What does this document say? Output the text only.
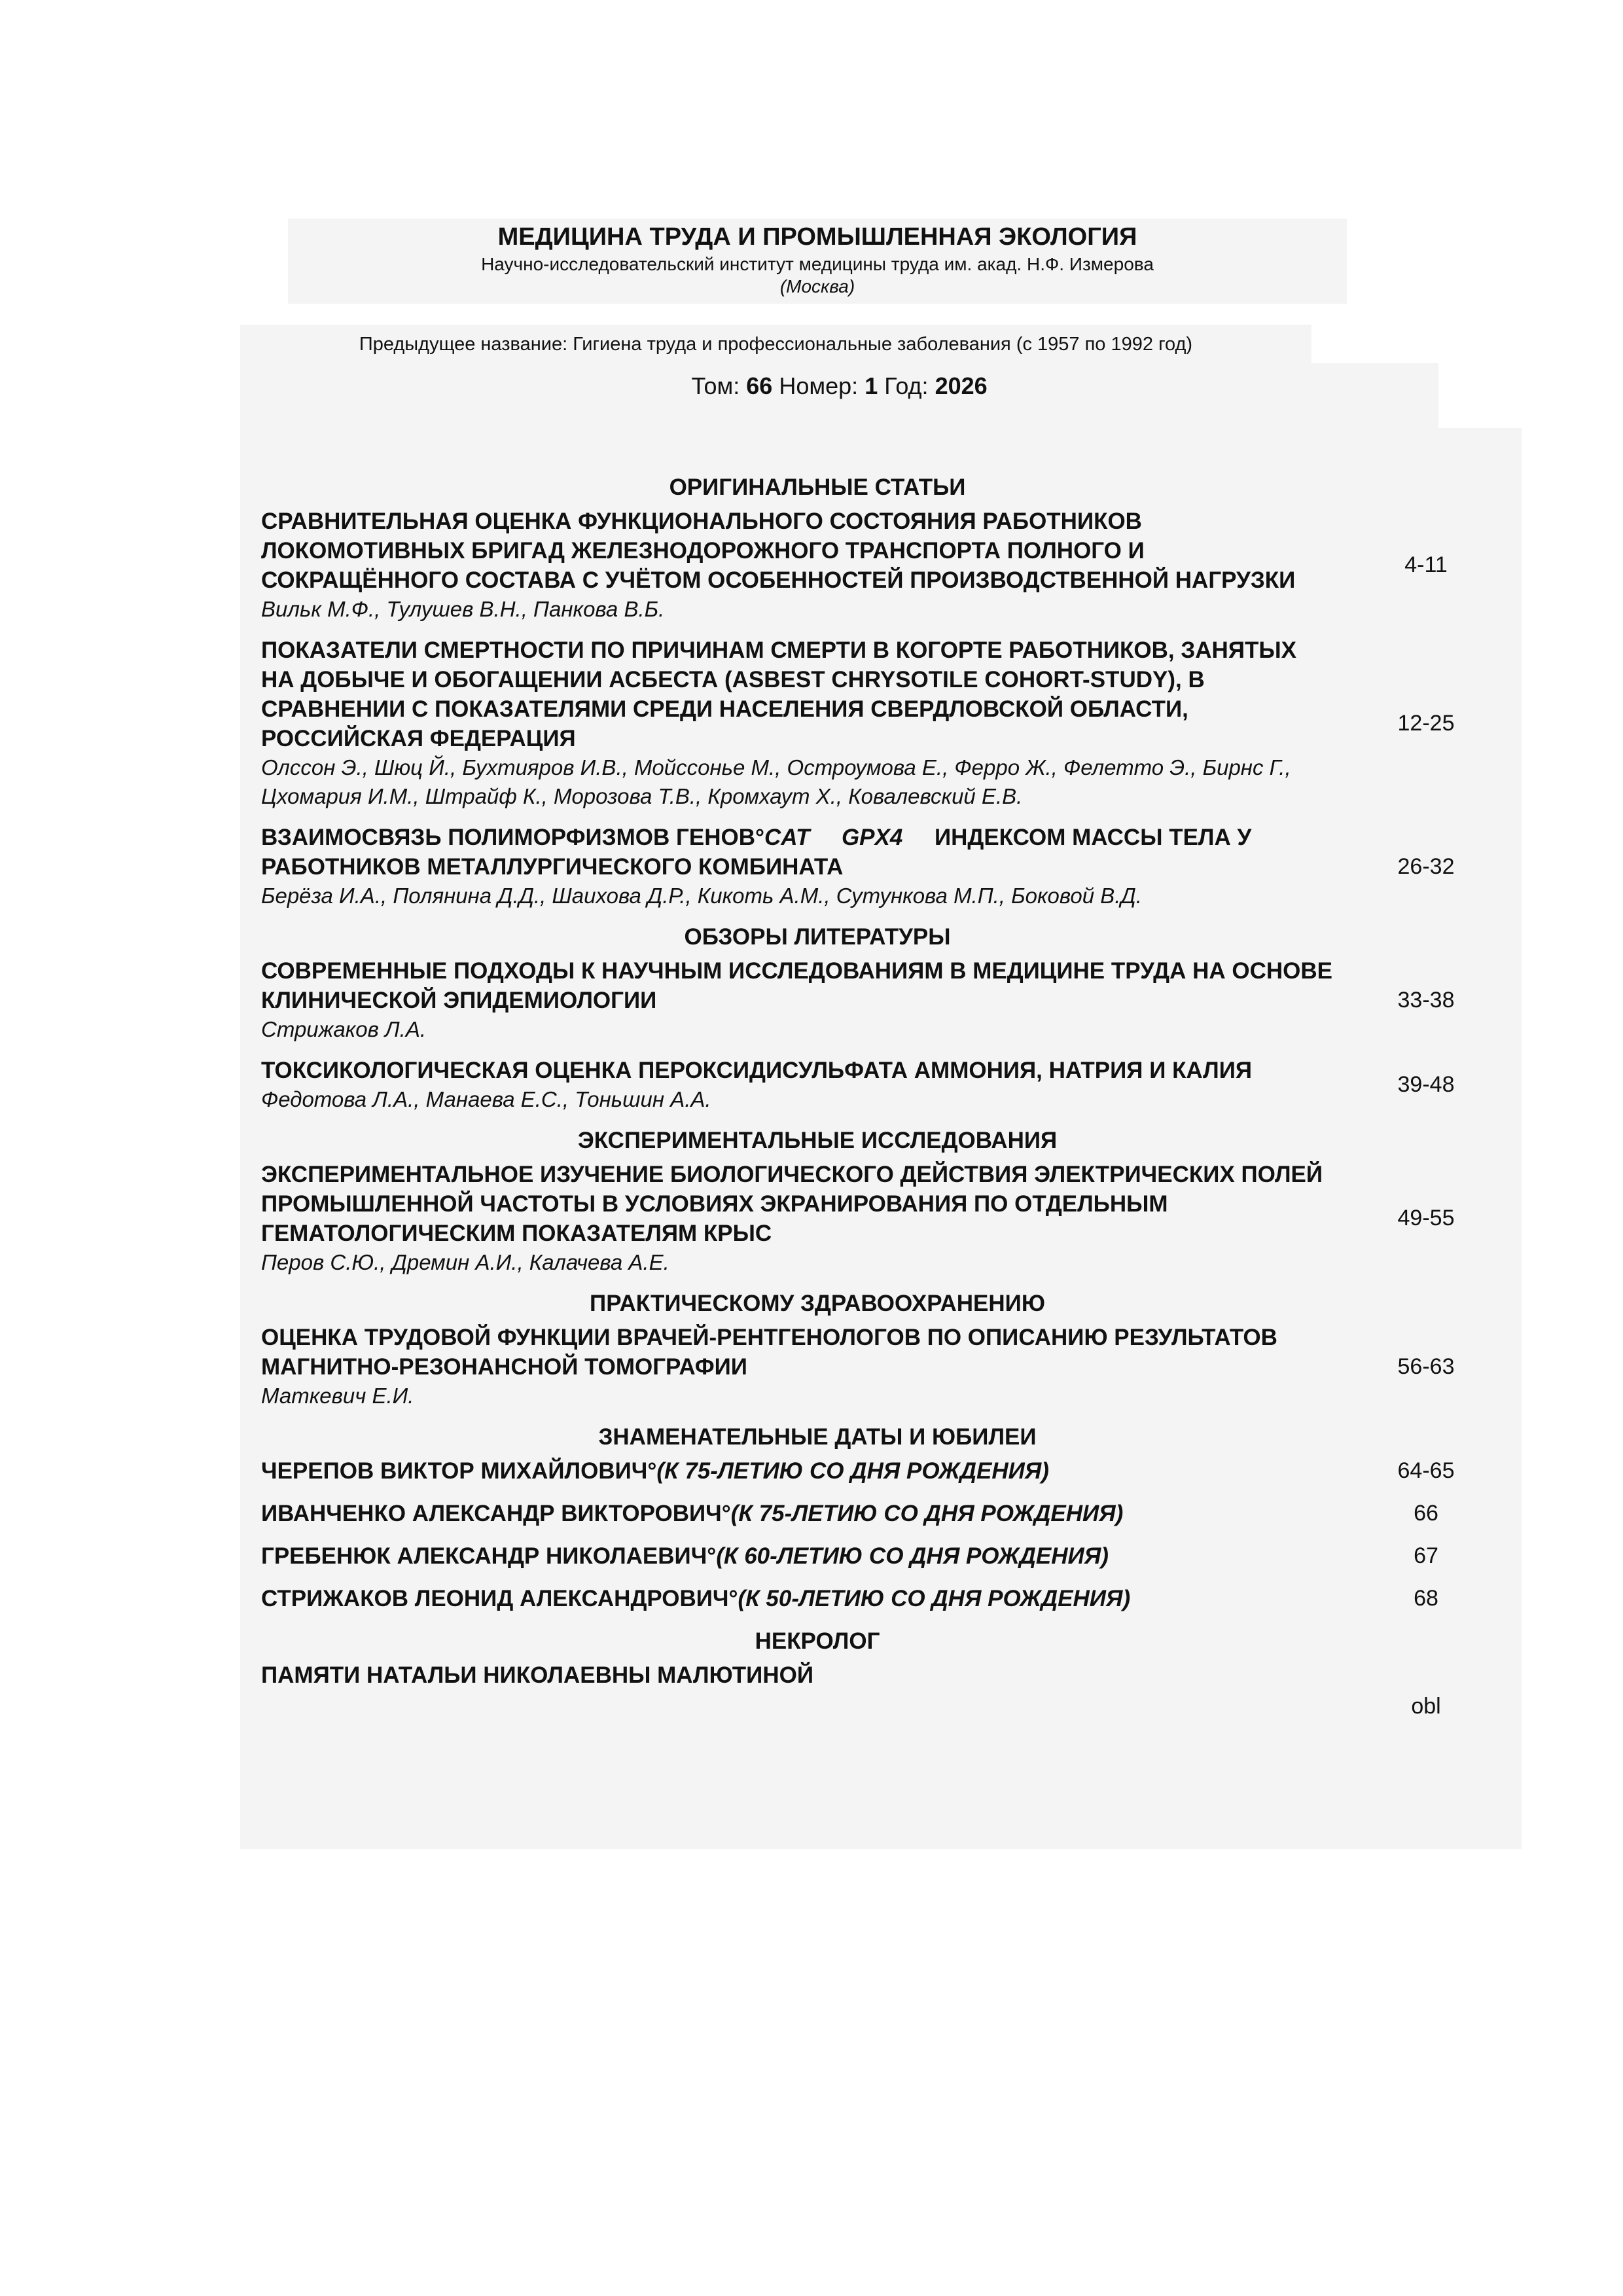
МЕДИЦИНА ТРУДА И ПРОМЫШЛЕННАЯ ЭКОЛОГИЯ
Научно-исследовательский институт медицины труда им. акад. Н.Ф. Измерова
(Москва)
Предыдущее название: Гигиена труда и профессиональные заболевания (с 1957 по 1992 год)
Том: 66 Номер: 1 Год: 2026
ОРИГИНАЛЬНЫЕ СТАТЬИ
СРАВНИТЕЛЬНАЯ ОЦЕНКА ФУНКЦИОНАЛЬНОГО СОСТОЯНИЯ РАБОТНИКОВ ЛОКОМОТИВНЫХ БРИГАД ЖЕЛЕЗНОДОРОЖНОГО ТРАНСПОРТА ПОЛНОГО И СОКРАЩЁННОГО СОСТАВА С УЧЁТОМ ОСОБЕННОСТЕЙ ПРОИЗВОДСТВЕННОЙ НАГРУЗКИ
Вильк М.Ф., Тулушев В.Н., Панкова В.Б.
4-11
ПОКАЗАТЕЛИ СМЕРТНОСТИ ПО ПРИЧИНАМ СМЕРТИ В КОГОРТЕ РАБОТНИКОВ, ЗАНЯТЫХ НА ДОБЫЧЕ И ОБОГАЩЕНИИ АСБЕСТА (ASBEST CHRYSOTILE COHORT-STUDY), В СРАВНЕНИИ С ПОКАЗАТЕЛЯМИ СРЕДИ НАСЕЛЕНИЯ СВЕРДЛОВСКОЙ ОБЛАСТИ, РОССИЙСКАЯ ФЕДЕРАЦИЯ
Олссон Э., Шюц Й., Бухтияров И.В., Мойссонье М., Остроумова Е., Ферро Ж., Фелетто Э., Бирнс Г., Цхомария И.М., Штрайф К., Морозова Т.В., Кромхаут Х., Ковалевский Е.В.
12-25
ВЗАИМОСВЯЗЬ ПОЛИМОРФИЗМОВ ГЕНОВ°CAT GPX4 ИНДЕКСОМ МАССЫ ТЕЛА У РАБОТНИКОВ МЕТАЛЛУРГИЧЕСКОГО КОМБИНАТА
Берёза И.А., Полянина Д.Д., Шаихова Д.Р., Кикоть А.М., Сутункова М.П., Боковой В.Д.
26-32
ОБЗОРЫ ЛИТЕРАТУРЫ
СОВРЕМЕННЫЕ ПОДХОДЫ К НАУЧНЫМ ИССЛЕДОВАНИЯМ В МЕДИЦИНЕ ТРУДА НА ОСНОВЕ КЛИНИЧЕСКОЙ ЭПИДЕМИОЛОГИИ
Стрижаков Л.А.
33-38
ТОКСИКОЛОГИЧЕСКАЯ ОЦЕНКА ПЕРОКСИДИСУЛЬФАТА АММОНИЯ, НАТРИЯ И КАЛИЯ
Федотова Л.А., Манаева Е.С., Тоньшин А.А.
39-48
ЭКСПЕРИМЕНТАЛЬНЫЕ ИССЛЕДОВАНИЯ
ЭКСПЕРИМЕНТАЛЬНОЕ ИЗУЧЕНИЕ БИОЛОГИЧЕСКОГО ДЕЙСТВИЯ ЭЛЕКТРИЧЕСКИХ ПОЛЕЙ ПРОМЫШЛЕННОЙ ЧАСТОТЫ В УСЛОВИЯХ ЭКРАНИРОВАНИЯ ПО ОТДЕЛЬНЫМ ГЕМАТОЛОГИЧЕСКИМ ПОКАЗАТЕЛЯМ КРЫС
Перов С.Ю., Дремин А.И., Калачева А.Е.
49-55
ПРАКТИЧЕСКОМУ ЗДРАВООХРАНЕНИЮ
ОЦЕНКА ТРУДОВОЙ ФУНКЦИИ ВРАЧЕЙ-РЕНТГЕНОЛОГОВ ПО ОПИСАНИЮ РЕЗУЛЬТАТОВ МАГНИТНО-РЕЗОНАНСНОЙ ТОМОГРАФИИ
Маткевич Е.И.
56-63
ЗНАМЕНАТЕЛЬНЫЕ ДАТЫ И ЮБИЛЕИ
ЧЕРЕПОВ ВИКТОР МИХАЙЛОВИЧ°(К 75-ЛЕТИЮ СО ДНЯ РОЖДЕНИЯ)	64-65
ИВАНЧЕНКО АЛЕКСАНДР ВИКТОРОВИЧ°(К 75-ЛЕТИЮ СО ДНЯ РОЖДЕНИЯ)	66
ГРЕБЕНЮК АЛЕКСАНДР НИКОЛАЕВИЧ°(К 60-ЛЕТИЮ СО ДНЯ РОЖДЕНИЯ)	67
СТРИЖАКОВ ЛЕОНИД АЛЕКСАНДРОВИЧ°(К 50-ЛЕТИЮ СО ДНЯ РОЖДЕНИЯ)	68
НЕКРОЛОГ
ПАМЯТИ НАТАЛЬИ НИКОЛАЕВНЫ МАЛЮТИНОЙ
obl
